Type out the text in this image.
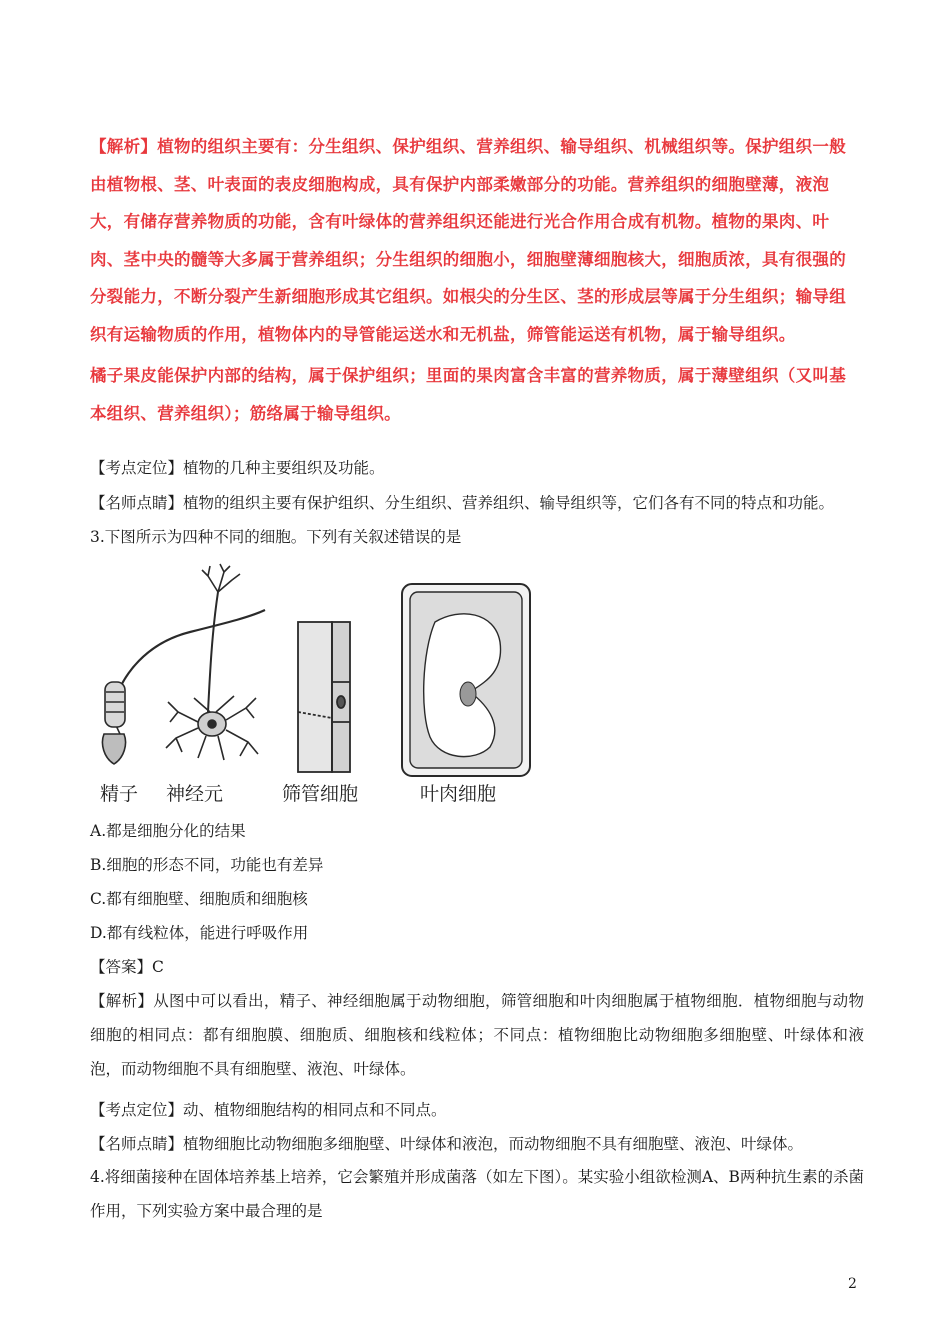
【解析】植物的组织主要有：分生组织、保护组织、营养组织、输导组织、机械组织等。保护组织一般由植物根、茎、叶表面的表皮细胞构成，具有保护内部柔嫩部分的功能。营养组织的细胞壁薄，液泡大，有储存营养物质的功能，含有叶绿体的营养组织还能进行光合作用合成有机物。植物的果肉、叶肉、茎中央的髓等大多属于营养组织；分生组织的细胞小，细胞壁薄细胞核大，细胞质浓，具有很强的分裂能力，不断分裂产生新细胞形成其它组织。如根尖的分生区、茎的形成层等属于分生组织；输导组织有运输物质的作用，植物体内的导管能运送水和无机盐，筛管能运送有机物，属于输导组织。
橘子果皮能保护内部的结构，属于保护组织；里面的果肉富含丰富的营养物质，属于薄壁组织（又叫基本组织、营养组织）；筋络属于输导组织。
【考点定位】植物的几种主要组织及功能。
【名师点睛】植物的组织主要有保护组织、分生组织、营养组织、输导组织等，它们各有不同的特点和功能。
3.下图所示为四种不同的细胞。下列有关叙述错误的是
精子 神经元	筛管细胞	叶肉细胞
A.都是细胞分化的结果
B.细胞的形态不同，功能也有差异
C.都有细胞壁、细胞质和细胞核
D.都有线粒体，能进行呼吸作用
【答案】C
【解析】从图中可以看出，精子、神经细胞属于动物细胞，筛管细胞和叶肉细胞属于植物细胞．植物细胞与动物细胞的相同点：都有细胞膜、细胞质、细胞核和线粒体；不同点：植物细胞比动物细胞多细胞壁、叶绿体和液泡，而动物细胞不具有细胞壁、液泡、叶绿体。
【考点定位】动、植物细胞结构的相同点和不同点。
【名师点睛】植物细胞比动物细胞多细胞壁、叶绿体和液泡，而动物细胞不具有细胞壁、液泡、叶绿体。
4.将细菌接种在固体培养基上培养，它会繁殖并形成菌落（如左下图）。某实验小组欲检测A、B两种抗生素的杀菌作用，下列实验方案中最合理的是
2
